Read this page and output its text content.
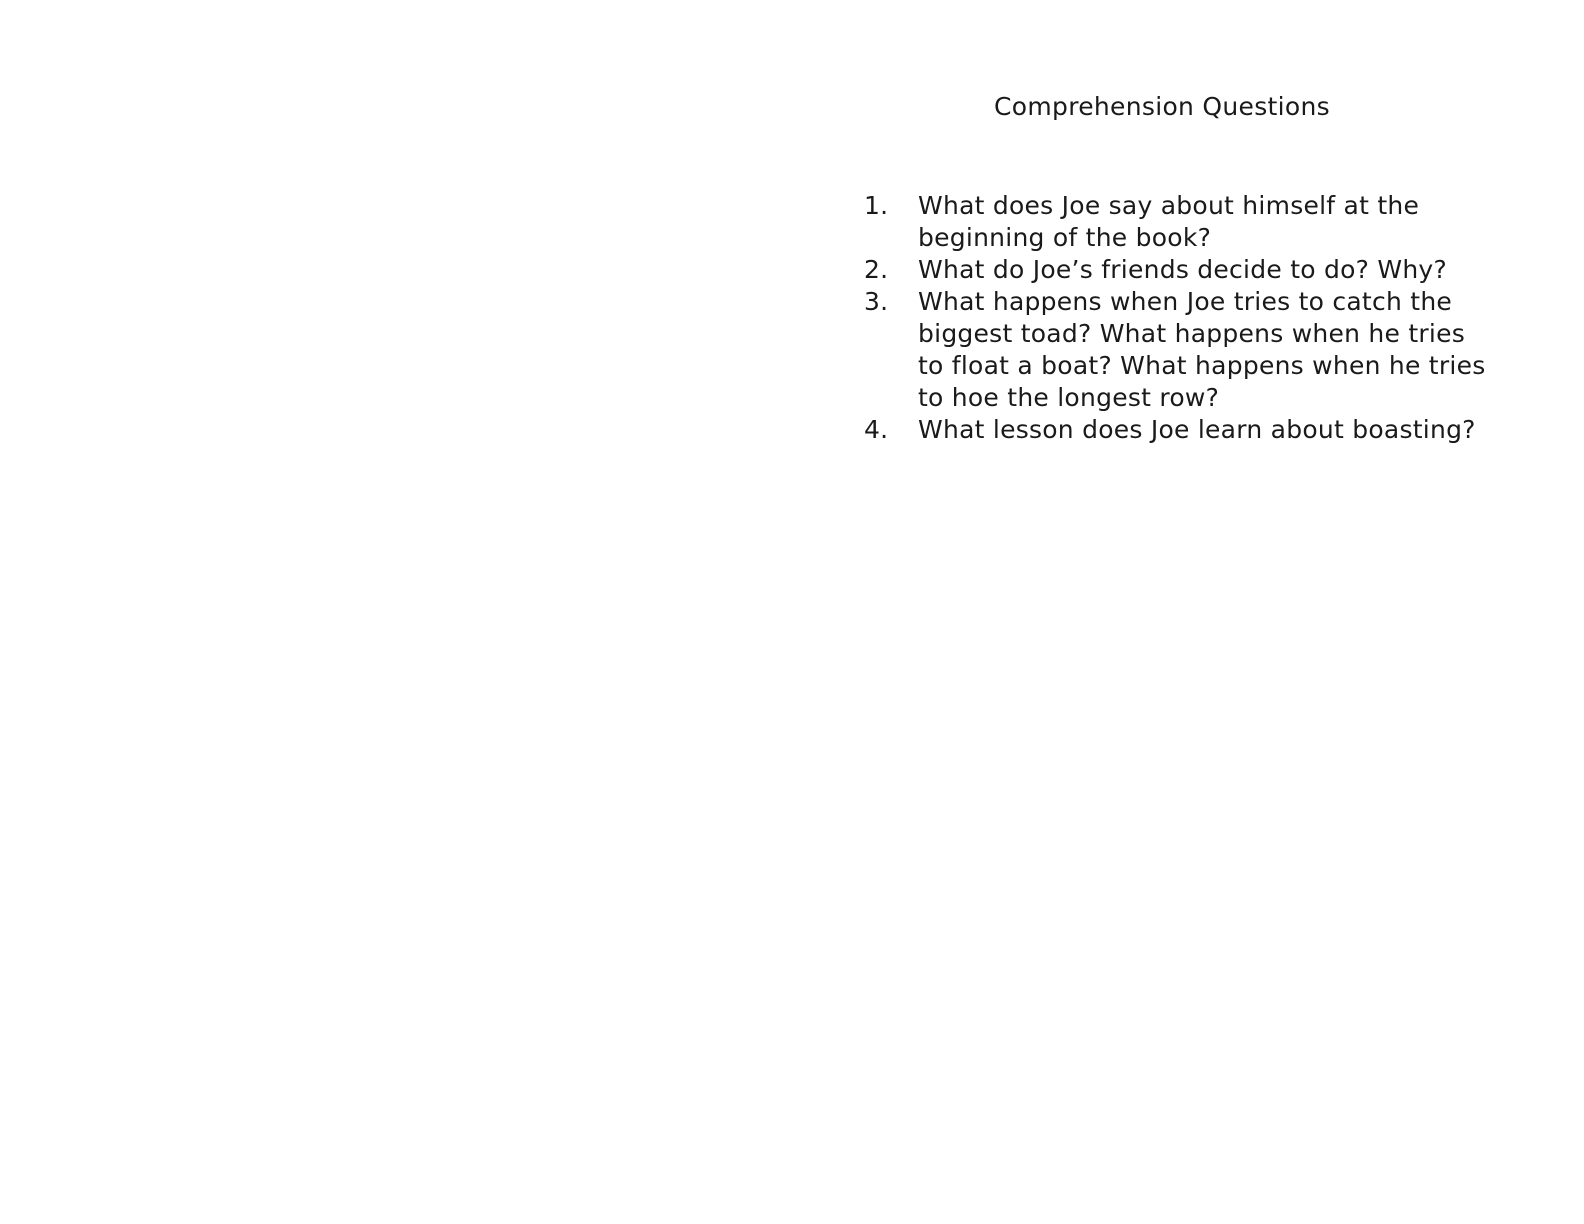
Comprehension Questions
1.	What does Joe say about himself at the beginning of the book?
2.	What do Joe’s friends decide to do? Why?
3.	What happens when Joe tries to catch the biggest toad? What happens when he tries to float a boat? What happens when he tries to hoe the longest row?
4.	What lesson does Joe learn about boasting?
